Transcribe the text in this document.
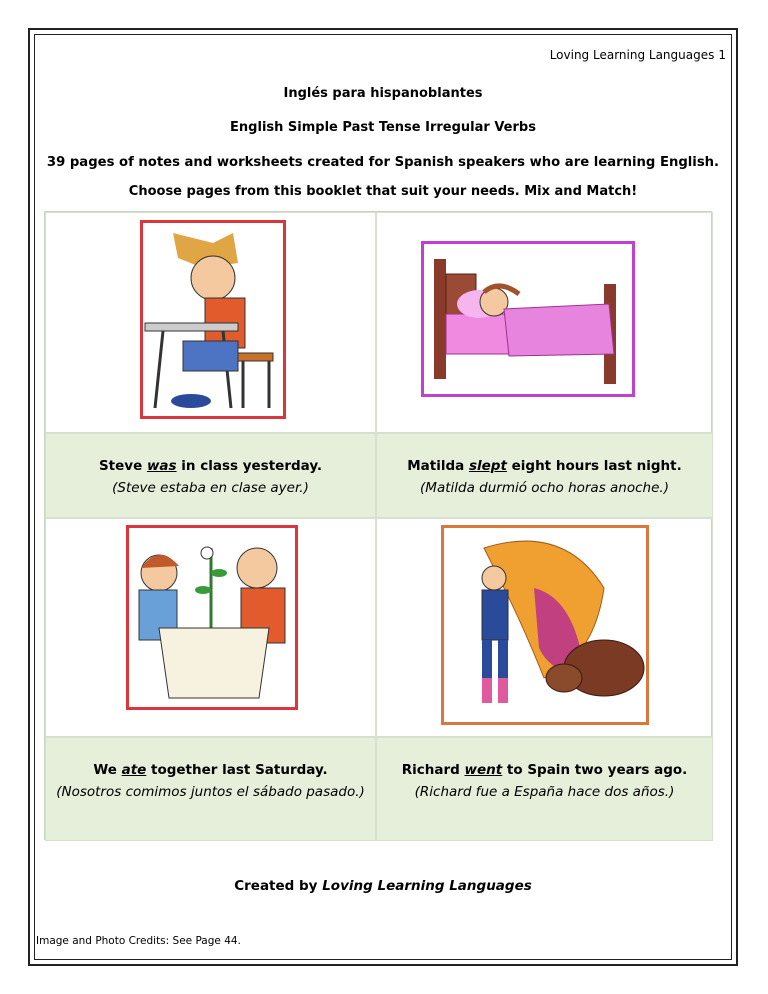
Loving Learning Languages 1
Inglés para hispanoblantes
English Simple Past Tense Irregular Verbs
39 pages of notes and worksheets created for Spanish speakers who are learning English.
Choose pages from this booklet that suit your needs. Mix and Match!
Steve was in class yesterday.
(Steve estaba en clase ayer.)
Matilda slept eight hours last night.
(Matilda durmió ocho horas anoche.)
We ate together last Saturday.
(Nosotros comimos juntos el sábado pasado.)
Richard went to Spain two years ago.
(Richard fue a España hace dos años.)
Created by Loving Learning Languages
Image and Photo Credits: See Page 44.
